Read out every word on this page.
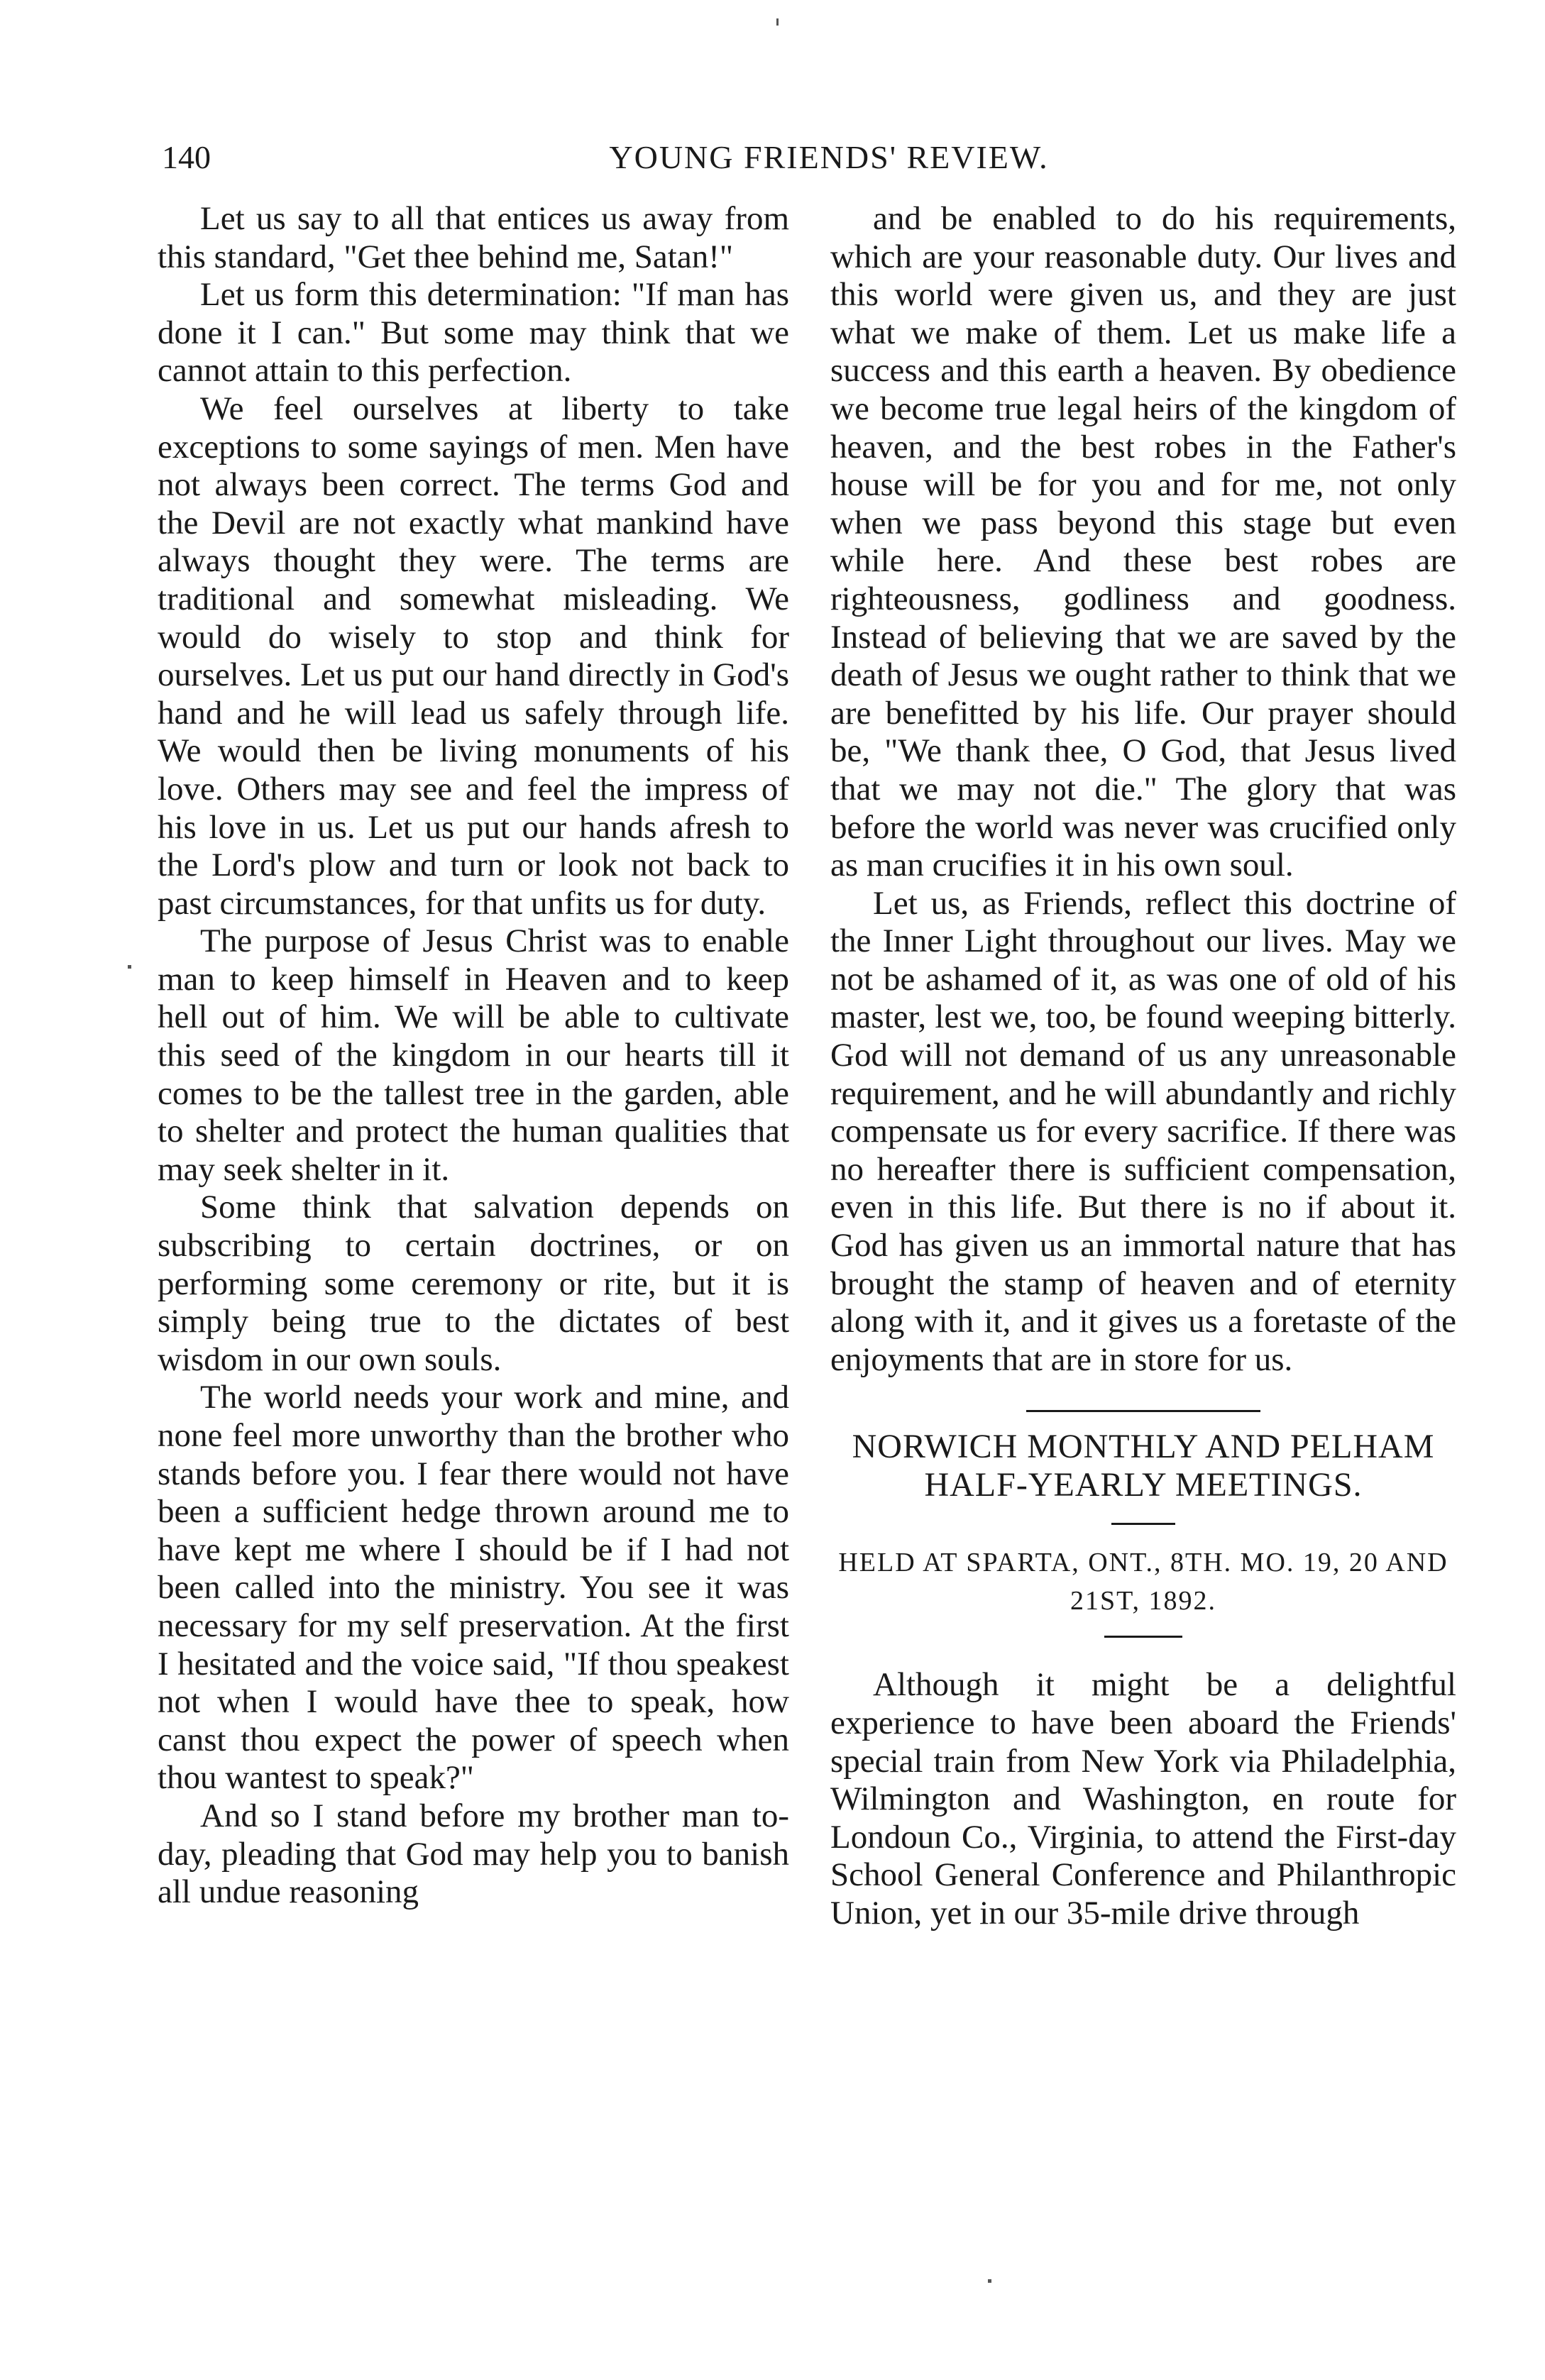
140	YOUNG FRIENDS' REVIEW.

Let us say to all that entices us away from this standard, "Get thee behind me, Satan!"

Let us form this determination: "If man has done it I can." But some may think that we cannot attain to this perfection.

We feel ourselves at liberty to take exceptions to some sayings of men. Men have not always been correct. The terms God and the Devil are not exactly what mankind have always thought they were. The terms are traditional and somewhat misleading. We would do wisely to stop and think for ourselves. Let us put our hand directly in God's hand and he will lead us safely through life. We would then be living monuments of his love. Others may see and feel the impress of his love in us. Let us put our hands afresh to the Lord's plow and turn or look not back to past circumstances, for that unfits us for duty.

The purpose of Jesus Christ was to enable man to keep himself in Heaven and to keep hell out of him. We will be able to cultivate this seed of the kingdom in our hearts till it comes to be the tallest tree in the garden, able to shelter and protect the human qualities that may seek shelter in it.

Some think that salvation depends on subscribing to certain doctrines, or on performing some ceremony or rite, but it is simply being true to the dictates of best wisdom in our own souls.

The world needs your work and mine, and none feel more unworthy than the brother who stands before you. I fear there would not have been a sufficient hedge thrown around me to have kept me where I should be if I had not been called into the ministry. You see it was necessary for my self preservation. At the first I hesitated and the voice said, "If thou speakest not when I would have thee to speak, how canst thou expect the power of speech when thou wantest to speak?"

And so I stand before my brother man to-day, pleading that God may help you to banish all undue reasoning

and be enabled to do his requirements, which are your reasonable duty. Our lives and this world were given us, and they are just what we make of them. Let us make life a success and this earth a heaven. By obedience we become true legal heirs of the kingdom of heaven, and the best robes in the Father's house will be for you and for me, not only when we pass beyond this stage but even while here. And these best robes are righteousness, godliness and goodness. Instead of believing that we are saved by the death of Jesus we ought rather to think that we are benefitted by his life. Our prayer should be, "We thank thee, O God, that Jesus lived that we may not die." The glory that was before the world was never was crucified only as man crucifies it in his own soul.

Let us, as Friends, reflect this doctrine of the Inner Light throughout our lives. May we not be ashamed of it, as was one of old of his master, lest we, too, be found weeping bitterly. God will not demand of us any unreasonable requirement, and he will abundantly and richly compensate us for every sacrifice. If there was no hereafter there is sufficient compensation, even in this life. But there is no if about it. God has given us an immortal nature that has brought the stamp of heaven and of eternity along with it, and it gives us a foretaste of the enjoyments that are in store for us.

NORWICH MONTHLY AND PELHAM HALF-YEARLY MEETINGS.
HELD AT SPARTA, ONT., 8TH. MO. 19, 20 AND 21ST, 1892.

Although it might be a delightful experience to have been aboard the Friends' special train from New York via Philadelphia, Wilmington and Washington, en route for Londoun Co., Virginia, to attend the First-day School General Conference and Philanthropic Union, yet in our 35-mile drive through
